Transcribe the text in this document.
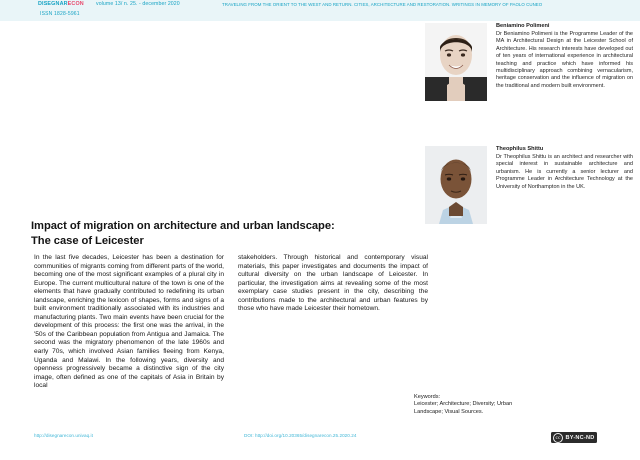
DISEGNARECON volume 13/ n. 25. - december 2020	TRAVELING FROM THE ORIENT TO THE WEST AND RETURN. CITIES, ARCHITECTURE AND RESTORATION. WRITINGS IN MEMORY OF PAOLO CUNEO
ISSN 1828-5961
Beniamino Polimeni
Dr Beniamino Polimeni is the Programme Leader of the MA in Architectural Design at the Leicester School of Architecture. His research interests have developed out of ten years of international experience in architectural teaching and practice which have informed his multidisciplinary approach combining vernacularism, heritage conservation and the influence of migration on the traditional and modern built environment.
Theophilus Shittu
Dr Theophilus Shittu is an architect and researcher with special interest in sustainable architecture and urbanism. He is currently a senior lecturer and Programme Leader in Architecture Technology at the University of Northampton in the UK.
Impact of migration on architecture and urban landscape:
The case of Leicester
In the last five decades, Leicester has been a destination for communities of migrants coming from different parts of the world, becoming one of the most significant examples of a plural city in Europe. The current multicultural nature of the town is one of the elements that have gradually contributed to redefining its urban landscape, enriching the lexicon of shapes, forms and signs of a built environment traditionally associated with its industries and manufacturing plants. Two main events have been crucial for the development of this process: the first one was the arrival, in the '50s of the Caribbean population from Antigua and Jamaica. The second was the migratory phenomenon of the late 1960s and early 70s, which involved Asian families fleeing from Kenya, Uganda and Malawi. In the following years, diversity and openness progressively became a distinctive sign of the city image, often defined as one of the capitals of Asia in Britain by local
stakeholders. Through historical and contemporary visual materials, this paper investigates and documents the impact of cultural diversity on the urban landscape of Leicester. In particular, the investigation aims at revealing some of the most exemplary case studies present in the city, describing the contributions made to the architectural and urban features by those who have made Leicester their hometown.
Keywords:
Leicester; Architecture; Diversity; Urban Landscape; Visual Sources.
http://disegnarecon.univaq.it	DOI: http://doi.org/10.20365/disegnarecon.25.2020.24	cc BY-NC-ND
